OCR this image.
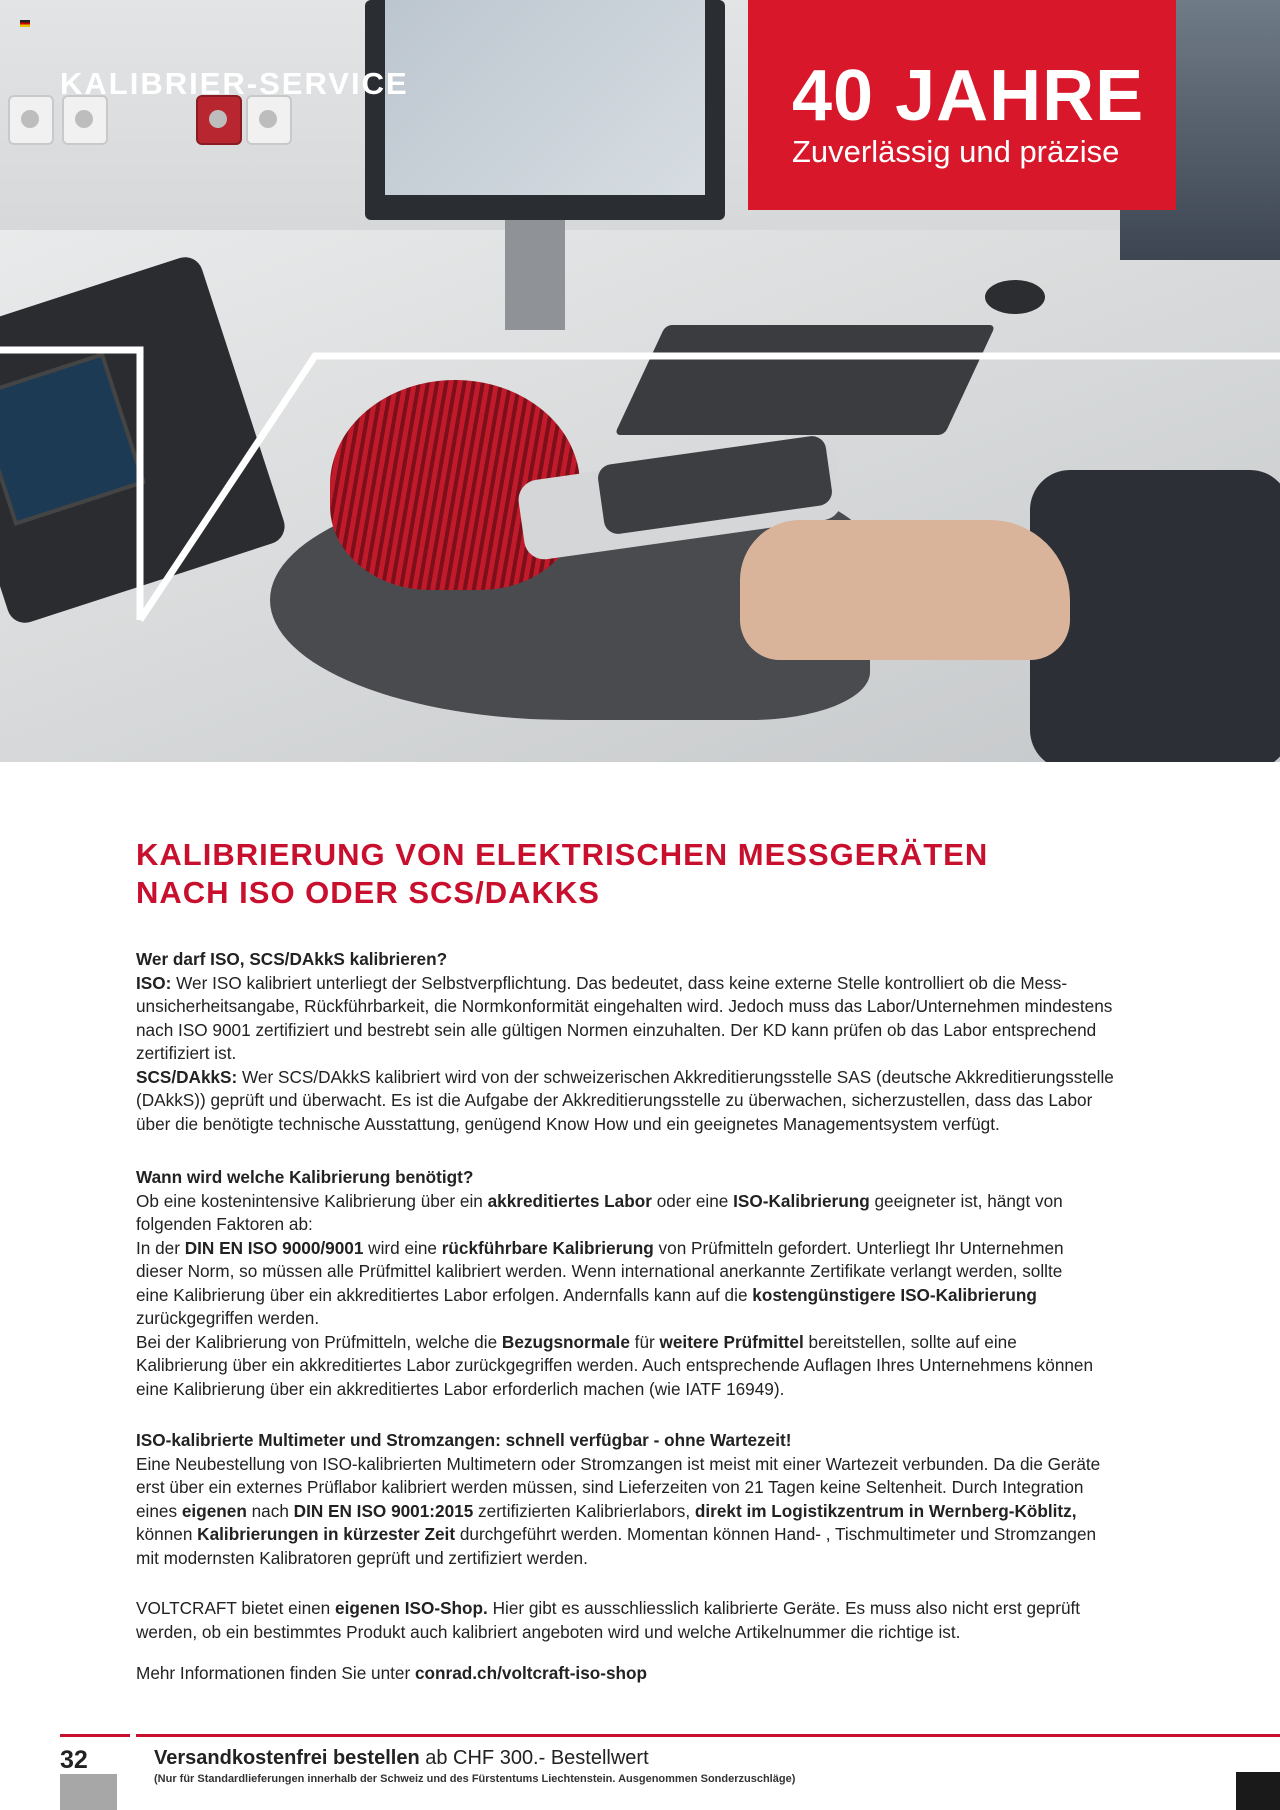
KALIBRIER-SERVICE	40 JAHRE
Zuverlässig und präzise
KALIBRIERUNG VON ELEKTRISCHEN MESSGERÄTEN
NACH ISO ODER SCS/DAKKS
Wer darf ISO, SCS/DAkkS kalibrieren?
ISO: Wer ISO kalibriert unterliegt der Selbstverpflichtung. Das bedeutet, dass keine externe Stelle kontrolliert ob die Mess-
unsicherheitsangabe, Rückführbarkeit, die Normkonformität eingehalten wird. Jedoch muss das Labor/Unternehmen mindestens
nach ISO 9001 zertifiziert und bestrebt sein alle gültigen Normen einzuhalten. Der KD kann prüfen ob das Labor entsprechend
zertifiziert ist.
SCS/DAkkS: Wer SCS/DAkkS kalibriert wird von der schweizerischen Akkreditierungsstelle SAS (deutsche Akkreditierungsstelle
(DAkkS)) geprüft und überwacht. Es ist die Aufgabe der Akkreditierungsstelle zu überwachen, sicherzustellen, dass das Labor
über die benötigte technische Ausstattung, genügend Know How und ein geeignetes Managementsystem verfügt.
Wann wird welche Kalibrierung benötigt?
Ob eine kostenintensive Kalibrierung über ein akkreditiertes Labor oder eine ISO-Kalibrierung geeigneter ist, hängt von
folgenden Faktoren ab:
In der DIN EN ISO 9000/9001 wird eine rückführbare Kalibrierung von Prüfmitteln gefordert. Unterliegt Ihr Unternehmen
dieser Norm, so müssen alle Prüfmittel kalibriert werden. Wenn international anerkannte Zertifikate verlangt werden, sollte
eine Kalibrierung über ein akkreditiertes Labor erfolgen. Andernfalls kann auf die kostengünstigere ISO-Kalibrierung
zurückgegriffen werden.
Bei der Kalibrierung von Prüfmitteln, welche die Bezugsnormale für weitere Prüfmittel bereitstellen, sollte auf eine
Kalibrierung über ein akkreditiertes Labor zurückgegriffen werden. Auch entsprechende Auflagen Ihres Unternehmens können
eine Kalibrierung über ein akkreditiertes Labor erforderlich machen (wie IATF 16949).
ISO-kalibrierte Multimeter und Stromzangen: schnell verfügbar - ohne Wartezeit!
Eine Neubestellung von ISO-kalibrierten Multimetern oder Stromzangen ist meist mit einer Wartezeit verbunden. Da die Geräte
erst über ein externes Prüflabor kalibriert werden müssen, sind Lieferzeiten von 21 Tagen keine Seltenheit. Durch Integration
eines eigenen nach DIN EN ISO 9001:2015 zertifizierten Kalibrierlabors, direkt im Logistikzentrum in Wernberg-Köblitz,
können Kalibrierungen in kürzester Zeit durchgeführt werden. Momentan können Hand- , Tischmultimeter und Stromzangen
mit modernsten Kalibratoren geprüft und zertifiziert werden.
VOLTCRAFT bietet einen eigenen ISO-Shop. Hier gibt es ausschliesslich kalibrierte Geräte. Es muss also nicht erst geprüft
werden, ob ein bestimmtes Produkt auch kalibriert angeboten wird und welche Artikelnummer die richtige ist.
Mehr Informationen finden Sie unter conrad.ch/voltcraft-iso-shop
32	Versandkostenfrei bestellen ab CHF 300.- Bestellwert
(Nur für Standardlieferungen innerhalb der Schweiz und des Fürstentums Liechtenstein. Ausgenommen Sonderzuschläge)
